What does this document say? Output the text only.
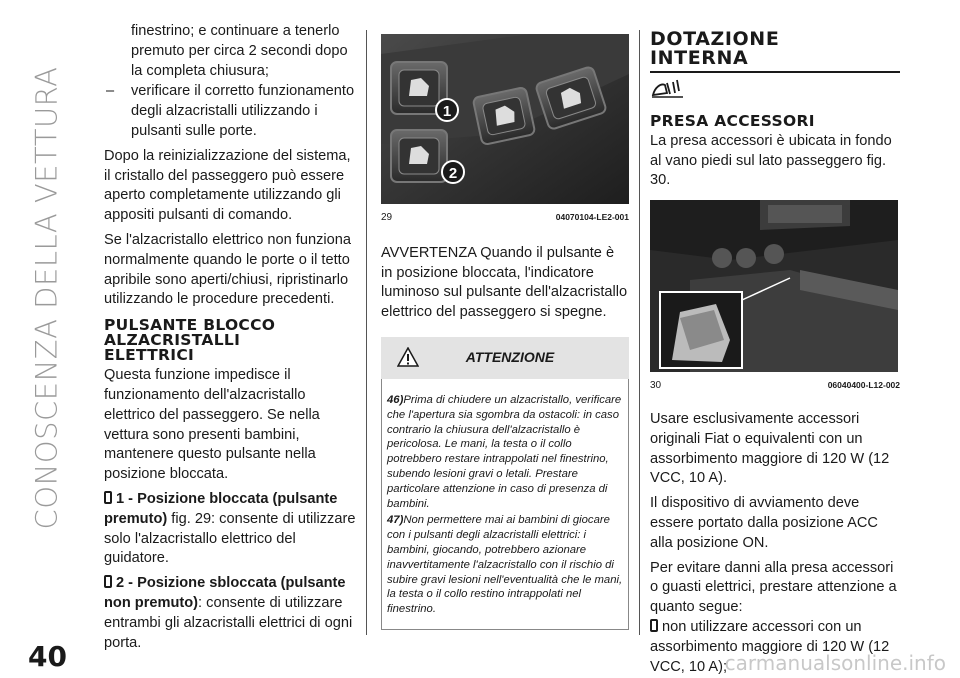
CONOSCENZA DELLA VETTURA

finestrino; e continuare a tenerlo premuto per circa 2 secondi dopo la completa chiusura;

–	verificare il corretto funzionamento degli alzacristalli utilizzando i pulsanti sulle porte.

Dopo la reinizializzazione del sistema, il cristallo del passeggero può essere aperto completamente utilizzando gli appositi pulsanti di comando.

Se l'alzacristallo elettrico non funziona normalmente quando le porte o il tetto apribile sono aperti/chiusi, ripristinarlo utilizzando le procedure precedenti.

PULSANTE BLOCCO ALZACRISTALLI ELETTRICI

Questa funzione impedisce il funzionamento dell'alzacristallo elettrico del passeggero. Se nella vettura sono presenti bambini, mantenere questo pulsante nella posizione bloccata.

1 - Posizione bloccata (pulsante premuto) fig. 29: consente di utilizzare solo l'alzacristallo elettrico del guidatore.

2 - Posizione sbloccata (pulsante non premuto): consente di utilizzare entrambi gli alzacristalli elettrici di ogni porta.

1
2
29	04070104-LE2-001

AVVERTENZA Quando il pulsante è in posizione bloccata, l'indicatore luminoso sul pulsante dell'alzacristallo elettrico del passeggero si spegne.

ATTENZIONE

46)Prima di chiudere un alzacristallo, verificare che l'apertura sia sgombra da ostacoli: in caso contrario la chiusura dell'alzacristallo è pericolosa. Le mani, la testa o il collo potrebbero restare intrappolati nel finestrino, subendo lesioni gravi o letali. Prestare particolare attenzione in caso di presenza di bambini.

47)Non permettere mai ai bambini di giocare con i pulsanti degli alzacristalli elettrici: i bambini, giocando, potrebbero azionare inavvertitamente l'alzacristallo con il rischio di subire gravi lesioni nell'eventualità che le mani, la testa o il collo restino intrappolati nel finestrino.

DOTAZIONE
INTERNA
PRESA ACCESSORI

La presa accessori è ubicata in fondo al vano piedi sul lato passeggero fig. 30.

30	06040400-L12-002

Usare esclusivamente accessori originali Fiat o equivalenti con un assorbimento maggiore di 120 W (12 VCC, 10 A).

Il dispositivo di avviamento deve essere portato dalla posizione ACC alla posizione ON.

Per evitare danni alla presa accessori o guasti elettrici, prestare attenzione a quanto segue:

non utilizzare accessori con un assorbimento maggiore di 120 W (12 VCC, 10 A);

40	carmanualsonline.info
